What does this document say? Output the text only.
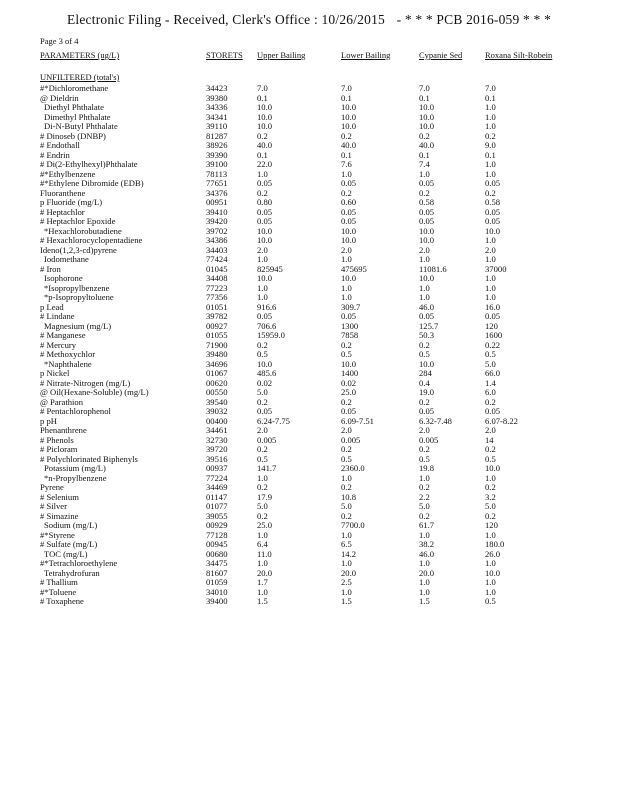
Electronic Filing - Received, Clerk's Office : 10/26/2015 - * * * PCB 2016-059 * * *
Page 3 of 4
PARAMETERS (ug/L)	STORETS Upper Bailing	Lower Bailing	Cypanie Sed	Roxana Silt-Robein
UNFILTERED (total's)
#*Dichloromethane	34423	7.0	7.0	7.0	7.0
@ Dieldrin	39380	0.1	0.1	0.1	0.1
Diethyl Phthalate	34336	10.0	10.0	10.0	1.0
Dimethyl Phthalate	34341	10.0	10.0	10.0	1.0
Di-N-Butyl Phthalate	39110	10.0	10.0	10.0	1.0
# Dinoseb (DNBP)	81287	0.2	0.2	0.2	0.2
# Endothall	38926	40.0	40.0	40.0	9.0
# Endrin	39390	0.1	0.1	0.1	0.1
# Di(2-Ethylhexyl)Phthalate	39100	22.0	7.6	7.4	1.0
#*Ethylbenzene	78113	1.0	1.0	1.0	1.0
#*Ethylene Dibromide (EDB)	77651	0.05	0.05	0.05	0.05
Fluoranthene	34376	0.2	0.2	0.2	0.2
p Fluoride (mg/L)	00951	0.80	0.60	0.58	0.58
# Heptachlor	39410	0.05	0.05	0.05	0.05
# Heptachlor Epoxide	39420	0.05	0.05	0.05	0.05
*Hexachlorobutadiene	39702	10.0	10.0	10.0	10.0
# Hexachlorocyclopentadiene	34386	10.0	10.0	10.0	1.0
Ideno(1,2,3-cd)pyrene	34403	2.0	2.0	2.0	2.0
Iodomethane	77424	1.0	1.0	1.0	1.0
# Iron	01045	825945	475695	11081.6	37000
Isophorone	34408	10.0	10.0	10.0	1.0
*Isopropylbenzene	77223	1.0	1.0	1.0	1.0
*p-Isopropyltoluene	77356	1.0	1.0	1.0	1.0
p Lead	01051	916.6	309.7	46.0	16.0
# Lindane	39782	0.05	0.05	0.05	0.05
Magnesium (mg/L)	00927	706.6	1300	125.7	120
# Manganese	01055	15959.0	7858	50.3	1600
# Mercury	71900	0.2	0.2	0.2	0.22
# Methoxychlor	39480	0.5	0.5	0.5	0.5
*Naphthalene	34696	10.0	10.0	10.0	5.0
p Nickel	01067	485.6	1400	284	66.0
# Nitrate-Nitrogen (mg/L)	00620	0.02	0.02	0.4	1.4
@ Oil(Hexane-Soluble) (mg/L)	00550	5.0	25.0	19.0	6.0
@ Parathion	39540	0.2	0.2	0.2	0.2
# Pentachlorophenol	39032	0.05	0.05	0.05	0.05
p pH	00400	6.24-7.75	6.09-7.51	6.32-7.48	6.07-8.22
Phenanthrene	34461	2.0	2.0	2.0	2.0
# Phenols	32730	0.005	0.005	0.005	14
# Picloram	39720	0.2	0.2	0.2	0.2
# Polychlorinated Biphenyls	39516	0.5	0.5	0.5	0.5
Potassium (mg/L)	00937	141.7	2360.0	19.8	10.0
*n-Propylbenzene	77224	1.0	1.0	1.0	1.0
Pyrene	34469	0.2	0.2	0.2	0.2
# Selenium	01147	17.9	10.8	2.2	3.2
# Silver	01077	5.0	5.0	5.0	5.0
# Simazine	39055	0.2	0.2	0.2	0.2
Sodium (mg/L)	00929	25.0	7700.0	61.7	120
#*Styrene	77128	1.0	1.0	1.0	1.0
# Sulfate (mg/L)	00945	6.4	6.5	38.2	180.0
TOC (mg/L)	00680	11.0	14.2	46.0	26.0
#*Tetrachloroethylene	34475	1.0	1.0	1.0	1.0
Tetrahydrofuran	81607	20.0	20.0	20.0	10.0
# Thallium	01059	1.7	2.5	1.0	1.0
#*Toluene	34010	1.0	1.0	1.0	1.0
# Toxaphene	39400	1.5	1.5	1.5	0.5
